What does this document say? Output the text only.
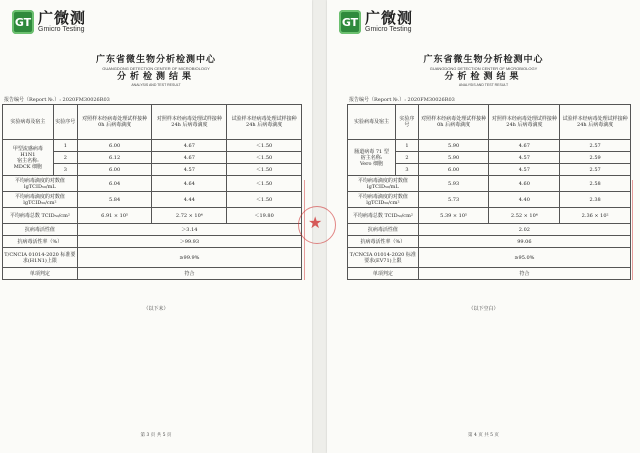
GT 广微测
Gmicro Testing
广东省微生物分析检测中心
GUANGDONG DETECTION CENTER OF MICROBIOLOGY
分析检测结果
ANALYSIS AND TEST RESULT
报告编号（Report №.）: 2020FM30026R03
实验病毒及宿主	实验序号	对照样本经病毒处理试样接种 0h 后病毒滴度	对照样本经病毒处理试样接种 24h 后病毒滴度	试验样本经病毒处理试样接种 24h 后病毒滴度

甲型流感病毒
H1N1
宿主名称:
MDCK 细胞	1	6.00	4.67	＜1.50
	2	6.12	4.67	＜1.50
	3	6.00	4.57	＜1.50
平均病毒滴度的对数值 lgTCID₅₀/mL		6.04	4.64	＜1.50
平均病毒滴度的对数值 lgTCID₅₀/cm²		5.84	4.44	＜1.50
平均病毒总数 TCID₅₀/cm²		6.91 × 10⁵	2.72 × 10⁴	＜19.80
抗病毒活性值		＞3.14		
抗病毒活性率（%）		＞99.93		
T/CNCIA 01014-2020 标准要求(H1N1)上限		≥99.9%		
单项判定		符合		
（以下未）
第 3 页 共 5 页
GT 广微测
Gmicro Testing
广东省微生物分析检测中心
GUANGDONG DETECTION CENTER OF MICROBIOLOGY
分析检测结果
ANALYSIS AND TEST RESULT
报告编号（Report №.）: 2020FM30026R03
实验病毒及宿主	实验序号	对照样本经病毒处理试样接种 0h 后病毒滴度	对照样本经病毒处理试样接种 24h 后病毒滴度	试验样本经病毒处理试样接种 24h 后病毒滴度

肠道病毒 71 型
宿主名称:
Vero 细胞	1	5.90	4.67	2.57
	2	5.90	4.57	2.59
	3	6.00	4.57	2.57
平均病毒滴度的对数值 lgTCID₅₀/mL		5.93	4.60	2.58
平均病毒滴度的对数值 lgTCID₅₀/cm²		5.73	4.40	2.38
平均病毒总数 TCID₅₀/cm²		5.39 × 10⁵	2.52 × 10⁴	2.36 × 10²
抗病毒活性值		2.02		
抗病毒活性率（%）		99.06		
T/CNCIA 01014-2020 标准要求(EV71)上限		≥95.0%		
单项判定		符合		
（以下空白）
第 4 页 共 5 页
★
